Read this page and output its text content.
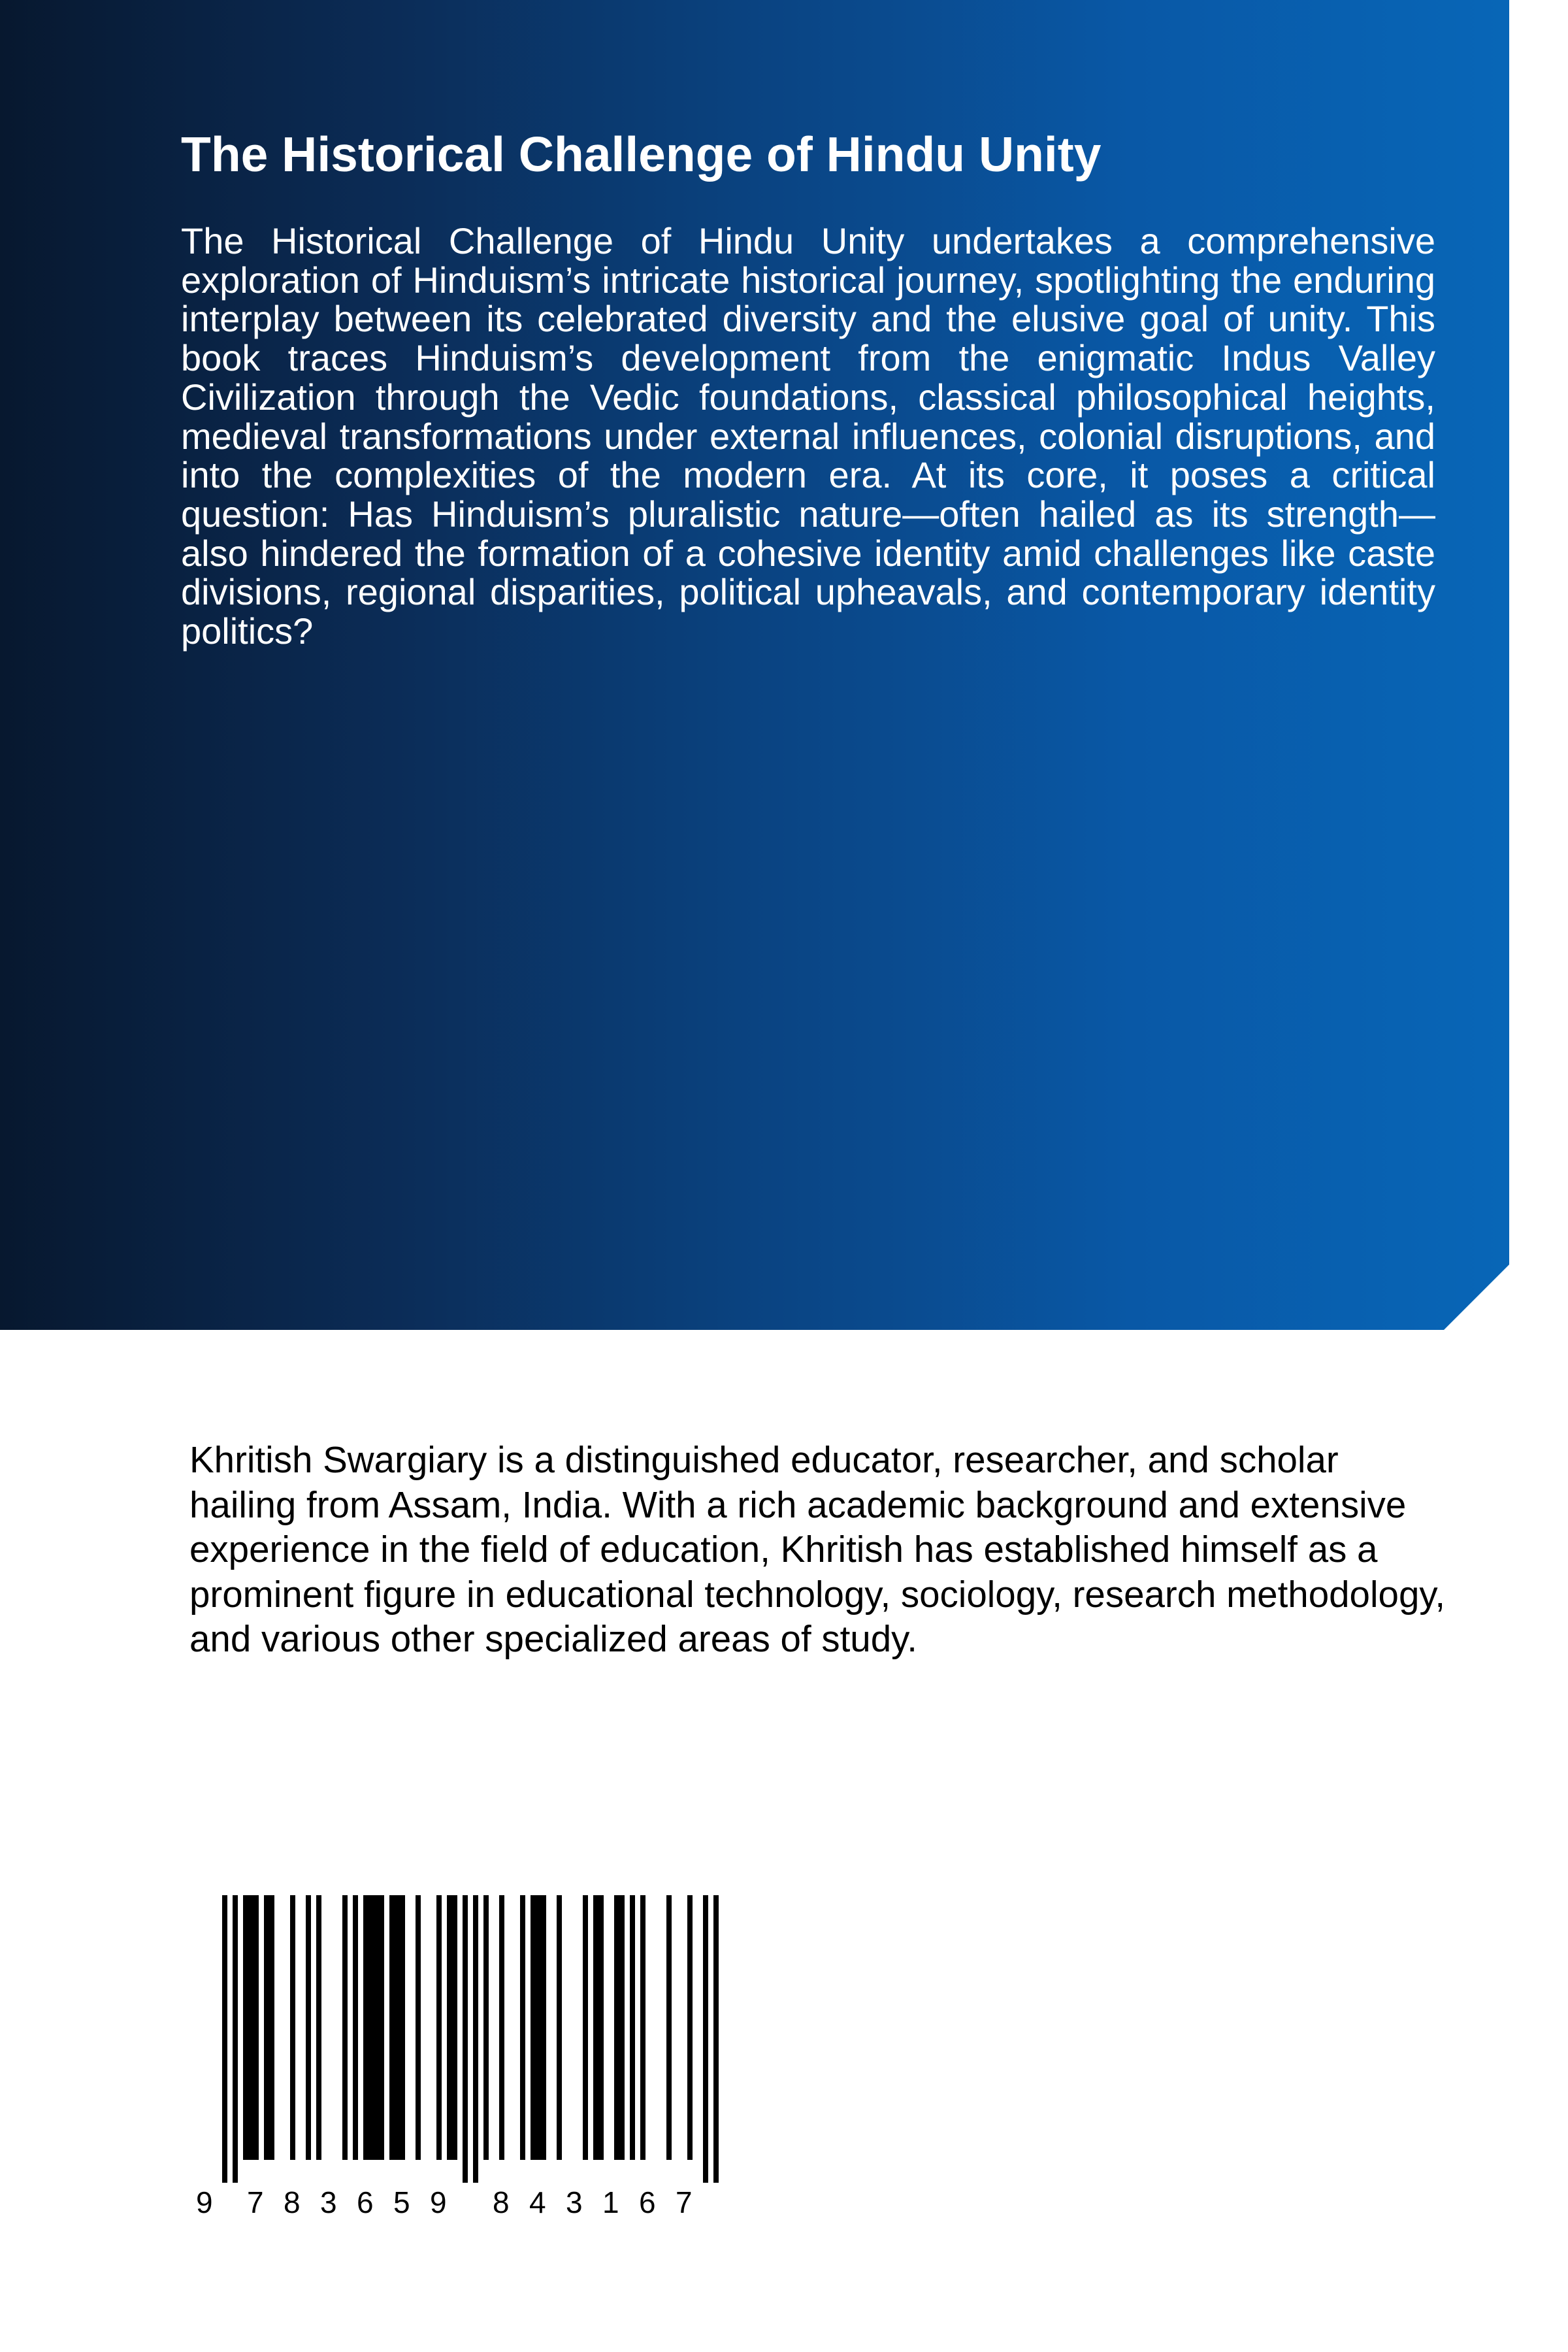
The Historical Challenge of Hindu Unity

The Historical Challenge of Hindu Unity undertakes a comprehensive exploration of Hinduism’s intricate historical journey, spotlighting the enduring interplay between its celebrated diversity and the elusive goal of unity. This book traces Hinduism’s development from the enigmatic Indus Valley Civilization through the Vedic foundations, classical philosophical heights, medieval transformations under external influences, colonial disruptions, and into the complexities of the modern era. At its core, it poses a critical question: Has Hinduism’s pluralistic nature—often hailed as its strength—also hindered the formation of a cohesive identity amid challenges like caste divisions, regional disparities, political upheavals, and contemporary identity politics?

Khritish Swargiary is a distinguished educator, researcher, and scholar hailing from Assam, India. With a rich academic background and extensive experience in the field of education, Khritish has established himself as a prominent figure in educational technology, sociology, research methodology, and various other specialized areas of study.

9 7 8 3 6 5 9 8 4 3 1 6 7
